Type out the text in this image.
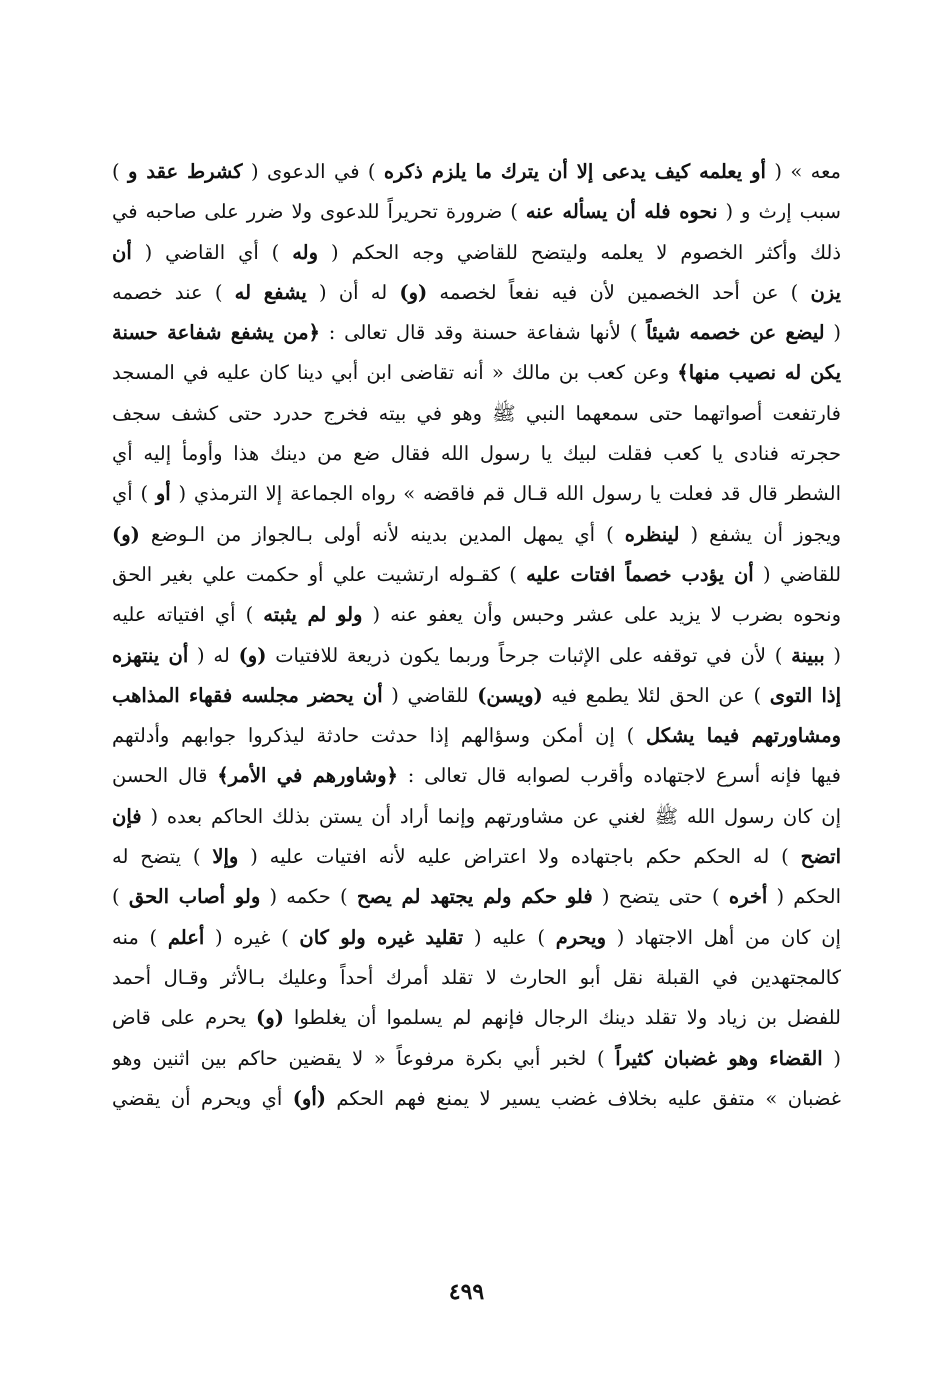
معه » ( أو يعلمه كيف يدعى إلا أن يترك ما يلزم ذكره ) في الدعوى ( كشرط عقد و )
سبب إرث و ( نحوه فله أن يسأله عنه ) ضرورة تحريراً للدعوى ولا ضرر على صاحبه في
ذلك وأكثر الخصوم لا يعلمه وليتضح للقاضي وجه الحكم ( وله ) أي القاضي ( أن
يزن ) عن أحد الخصمين لأن فيه نفعاً لخصمه (و) له أن ( يشفع له ) عند خصمه
( ليضع عن خصمه شيئاً ) لأنها شفاعة حسنة وقد قال تعالى : ﴿من يشفع شفاعة حسنة
يكن له نصيب منها﴾ وعن كعب بن مالك « أنه تقاضى ابن أبي دينا كان عليه في المسجد
فارتفعت أصواتهما حتى سمعهما النبي ﷺ وهو في بيته فخرج حدرد حتى كشف سجف
حجرته فنادى يا كعب فقلت لبيك يا رسول الله فقال ضع من دينك هذا وأومأ إليه أي
الشطر قال قد فعلت يا رسول الله قـال قم فاقضه » رواه الجماعة إلا الترمذي ( أو ) أي
ويجوز أن يشفع ( لينظره ) أي يمهل المدين بدينه لأنه أولى بـالجواز من الـوضع (و)
للقاضي ( أن يؤدب خصماً افتات عليه ) كقـوله ارتشيت علي أو حكمت علي بغير الحق
ونحوه بضرب لا يزيد على عشر وحبس وأن يعفو عنه ( ولو لم يثبته ) أي افتياته عليه
( ببينة ) لأن في توقفه على الإثبات جرحاً وربما يكون ذريعة للافتيات (و) له ( أن ينتهزه
إذا التوى ) عن الحق لئلا يطمع فيه (ويسن) للقاضي ( أن يحضر مجلسه فقهاء المذاهب
ومشاورتهم فيما يشكل ) إن أمكن وسؤالهم إذا حدثت حادثة ليذكروا جوابهم وأدلتهم
فيها فإنه أسرع لاجتهاده وأقرب لصوابه قال تعالى : ﴿وشاورهم في الأمر﴾ قال الحسن
إن كان رسول الله ﷺ لغني عن مشاورتهم وإنما أراد أن يستن بذلك الحاكم بعده ( فإن
اتضح ) له الحكم حكم باجتهاده ولا اعتراض عليه لأنه افتيات عليه ( وإلا ) يتضح له
الحكم ( أخره ) حتى يتضح ( فلو حكم ولم يجتهد لم يصح ) حكمه ( ولو أصاب الحق )
إن كان من أهل الاجتهاد ( ويحرم ) عليه ( تقليد غيره ولو كان ) غيره ( أعلم ) منه
كالمجتهدين في القبلة نقل أبو الحارث لا تقلد أمرك أحداً وعليك بـالأثر وقـال أحمد
للفضل بن زياد ولا تقلد دينك الرجال فإنهم لم يسلموا أن يغلطوا (و) يحرم على قاض
( القضاء وهو غضبان كثيراً ) لخبر أبي بكرة مرفوعاً « لا يقضين حاكم بين اثنين وهو
غضبان » متفق عليه بخلاف غضب يسير لا يمنع فهم الحكم (أو) أي ويحرم أن يقضي
٤٩٩
